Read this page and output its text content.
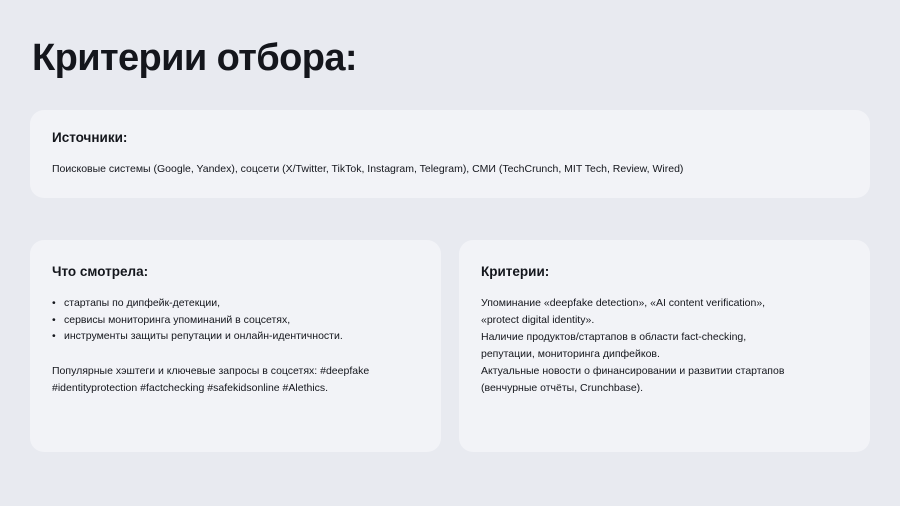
Критерии отбора:
Источники:

Поисковые системы (Google, Yandex), соцсети (X/Twitter, TikTok, Instagram, Telegram), СМИ (TechCrunch, MIT Tech, Review, Wired)

Что смотрела:
• стартапы по дипфейк-детекции,
• сервисы мониторинга упоминаний в соцсетях,
• инструменты защиты репутации и онлайн-идентичности.

Популярные хэштеги и ключевые запросы в соцсетях: #deepfake

#identityprotection #factchecking #safekidsonline #Alethics.

Критерии:

Упоминание «deepfake detection», «AI content verification»,

«protect digital identity».

Наличие продуктов/стартапов в области fact-checking,

репутации, мониторинга дипфейков.

Актуальные новости о финансировании и развитии стартапов

(венчурные отчёты, Crunchbase).
